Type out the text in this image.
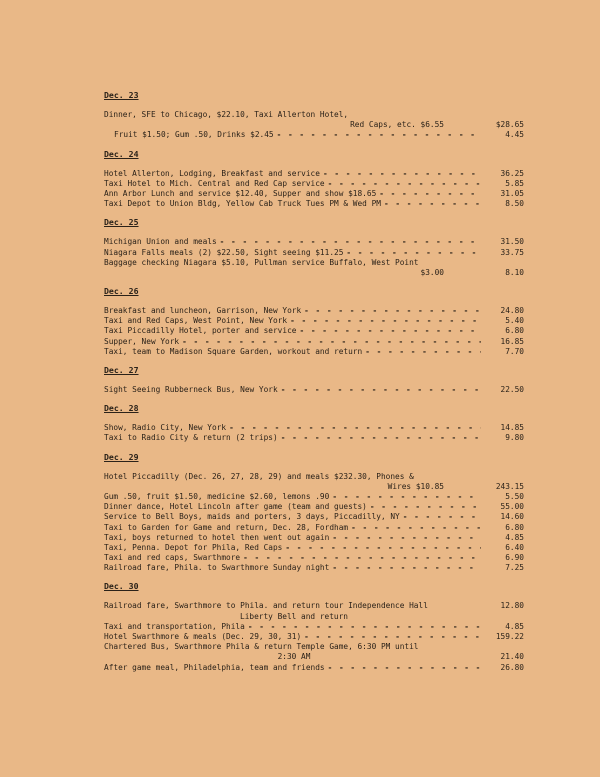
Dec. 23
Dinner, SFE to Chicago, $22.10, Taxi Allerton Hotel,
Red Caps, etc. $6.55	$28.65
Fruit $1.50; Gum .50, Drinks $2.45 - - -	4.45
Dec. 24
Hotel Allerton, Lodging, Breakfast and service - - -	36.25
Taxi Hotel to Mich. Central and Red Cap service - - -	5.85
Ann Arbor Lunch and service $12.40, Supper and show $18.65 - - -	31.05
Taxi Depot to Union Bldg, Yellow Cab Truck Tues PM & Wed PM - - -	8.50
Dec. 25
Michigan Union and meals - - -	31.50
Niagara Falls meals (2) $22.50, Sight seeing $11.25 - - -	33.75
Baggage checking Niagara $5.10, Pullman service Buffalo, West Point
$3.00	8.10
Dec. 26
Breakfast and luncheon, Garrison, New York - - -	24.80
Taxi and Red Caps, West Point, New York - - -	5.40
Taxi Piccadilly Hotel, porter and service - - -	6.80
Supper, New York - - -	16.85
Taxi, team to Madison Square Garden, workout and return - - -	7.70
Dec. 27
Sight Seeing Rubberneck Bus, New York - - -	22.50
Dec. 28
Show, Radio City, New York - - -	14.85
Taxi to Radio City & return (2 trips) - - -	9.80
Dec. 29
Hotel Piccadilly (Dec. 26, 27, 28, 29) and meals $232.30, Phones &
Wires $10.85	243.15
Gum .50, fruit $1.50, medicine $2.60, lemons .90 - - -	5.50
Dinner dance, Hotel Lincoln after game (team and guests) - - -	55.00
Service to Bell Boys, maids and porters, 3 days, Piccadilly, NY - - -	14.60
Taxi to Garden for Game and return, Dec. 28, Fordham - - -	6.80
Taxi, boys returned to hotel then went out again - - -	4.85
Taxi, Penna. Depot for Phila, Red Caps - - -	6.40
Taxi and red caps, Swarthmore - - -	6.90
Railroad fare, Phila. to Swarthmore Sunday night - - -	7.25
Dec. 30
Railroad fare, Swarthmore to Phila. and return tour Independence Hall	12.80
Liberty Bell and return
Taxi and transportation, Phila - - -	4.85
Hotel Swarthmore & meals (Dec. 29, 30, 31) - - -	159.22
Chartered Bus, Swarthmore Phila & return Temple Game, 6:30 PM until
2:30 AM	21.40
After game meal, Philadelphia, team and friends - - -	26.80
